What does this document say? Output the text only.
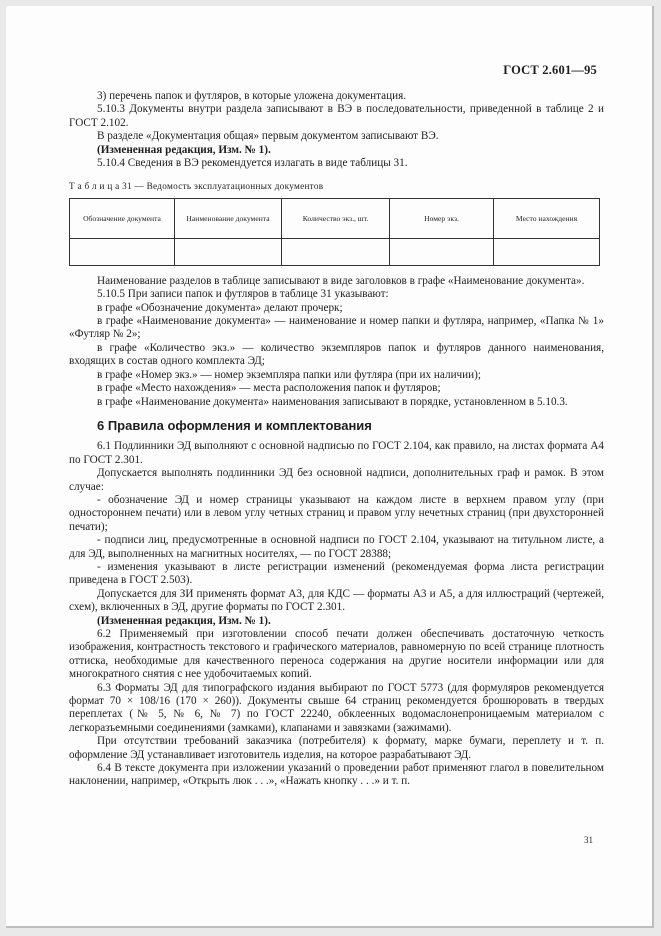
ГОСТ 2.601—95

3) перечень папок и футляров, в которые уложена документация.

5.10.3 Документы внутри раздела записывают в ВЭ в последовательности, приведенной в таблице 2 и ГОСТ 2.102.

В разделе «Документация общая» первым документом записывают ВЭ.

(Измененная редакция, Изм. № 1).

5.10.4 Сведения в ВЭ рекомендуется излагать в виде таблицы 31.

Т а б л и ц а 31 — Ведомость эксплуатационных документов

Обозначение документа	Наименование документа	Количество экз., шт.	Номер экз.	Место нахождения

Наименование разделов в таблице записывают в виде заголовков в графе «Наименование документа».

5.10.5 При записи папок и футляров в таблице 31 указывают:

в графе «Обозначение документа» делают прочерк;

в графе «Наименование документа» — наименование и номер папки и футляра, например, «Папка № 1» «Футляр № 2»;

в графе «Количество экз.» — количество экземпляров папок и футляров данного наименования, входящих в состав одного комплекта ЭД;

в графе «Номер экз.» — номер экземпляра папки или футляра (при их наличии);

в графе «Место нахождения» — места расположения папок и футляров;

в графе «Наименование документа» наименования записывают в порядке, установленном в 5.10.3.

6 Правила оформления и комплектования

6.1 Подлинники ЭД выполняют с основной надписью по ГОСТ 2.104, как правило, на листах формата А4 по ГОСТ 2.301.

Допускается выполнять подлинники ЭД без основной надписи, дополнительных граф и рамок. В этом случае:

- обозначение ЭД и номер страницы указывают на каждом листе в верхнем правом углу (при одностороннем печати) или в левом углу четных страниц и правом углу нечетных страниц (при двухсторонней печати);

- подписи лиц, предусмотренные в основной надписи по ГОСТ 2.104, указывают на титульном листе, а для ЭД, выполненных на магнитных носителях, — по ГОСТ 28388;

- изменения указывают в листе регистрации изменений (рекомендуемая форма листа регистрации приведена в ГОСТ 2.503).

Допускается для ЗИ применять формат А3, для КДС — форматы А3 и А5, а для иллюстраций (чертежей, схем), включенных в ЭД, другие форматы по ГОСТ 2.301.

(Измененная редакция, Изм. № 1).

6.2 Применяемый при изготовлении способ печати должен обеспечивать достаточную четкость изображения, контрастность текстового и графического материалов, равномерную по всей странице плотность оттиска, необходимые для качественного переноса содержания на другие носители информации или для многократного снятия с нее удобочитаемых копий.

6.3 Форматы ЭД для типографского издания выбирают по ГОСТ 5773 (для формуляров рекомендуется формат 70 × 108/16 (170 × 260)). Документы свыше 64 страниц рекомендуется брошюровать в твердых переплетах (№ 5, № 6, № 7) по ГОСТ 22240, обклеенных водомаслонепроницаемым материалом с легкоразъемными соединениями (замками), клапанами и завязками (зажимами).

При отсутствии требований заказчика (потребителя) к формату, марке бумаги, переплету и т. п. оформление ЭД устанавливает изготовитель изделия, на которое разрабатывают ЭД.

6.4 В тексте документа при изложении указаний о проведении работ применяют глагол в повелительном наклонении, например, «Открыть люк . . .», «Нажать кнопку . . .» и т. п.

31
